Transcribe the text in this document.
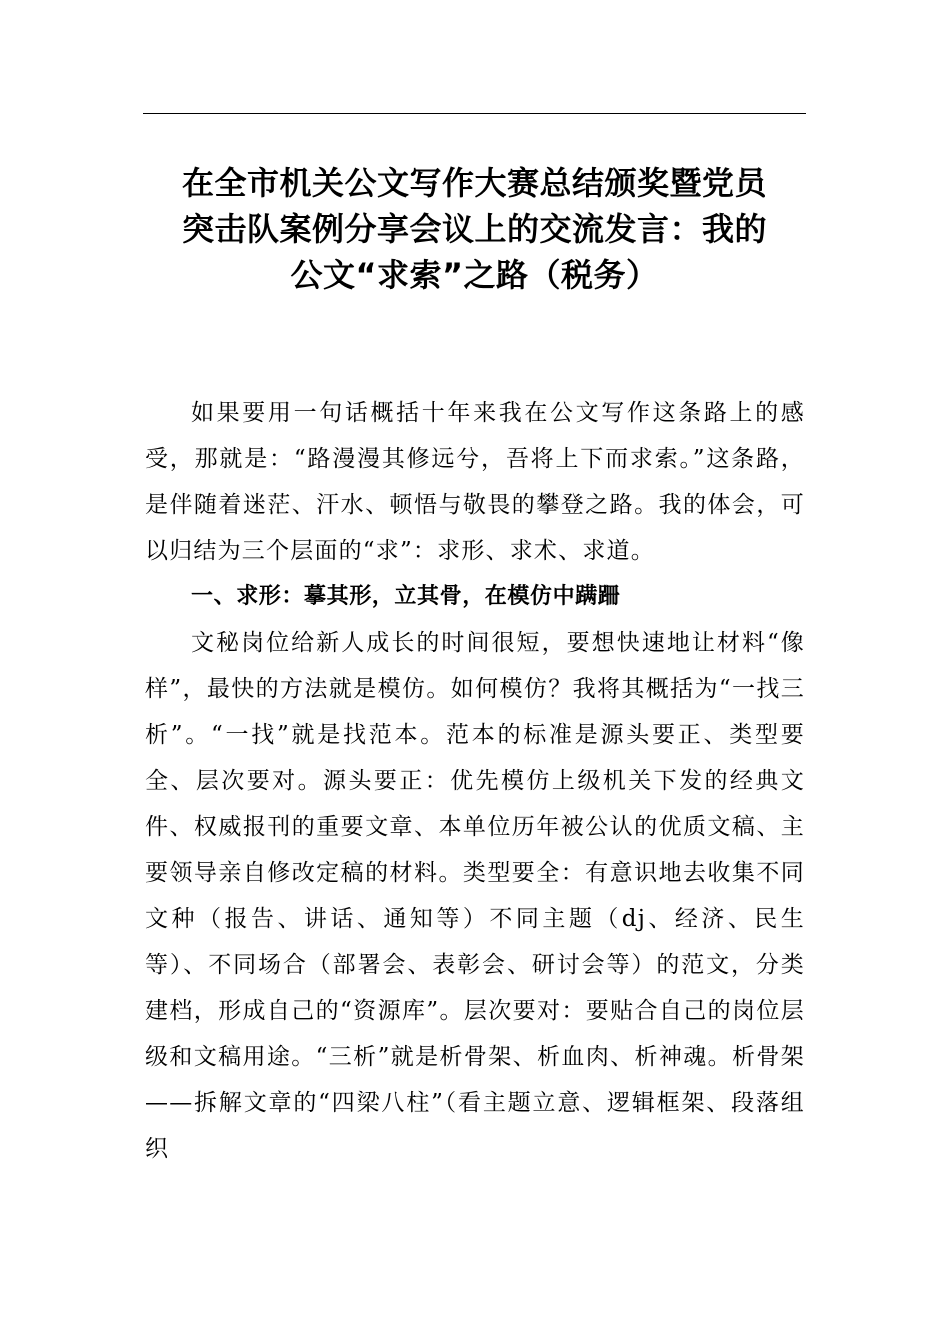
在全市机关公文写作大赛总结颁奖暨党员
突击队案例分享会议上的交流发言：我的
公文“求索”之路（税务）

如果要用一句话概括十年来我在公文写作这条路上的感受，那就是：“路漫漫其修远兮，吾将上下而求索。”这条路，是伴随着迷茫、汗水、顿悟与敬畏的攀登之路。我的体会，可以归结为三个层面的“求”：求形、求术、求道。

一、求形：摹其形，立其骨，在模仿中蹒跚

文秘岗位给新人成长的时间很短，要想快速地让材料“像样”，最快的方法就是模仿。如何模仿？我将其概括为“一找三析”。“一找”就是找范本。范本的标准是源头要正、类型要全、层次要对。源头要正：优先模仿上级机关下发的经典文件、权威报刊的重要文章、本单位历年被公认的优质文稿、主要领导亲自修改定稿的材料。类型要全：有意识地去收集不同文种（报告、讲话、通知等）不同主题（dj、经济、民生等）、不同场合（部署会、表彰会、研讨会等）的范文，分类建档，形成自己的“资源库”。层次要对：要贴合自己的岗位层级和文稿用途。“三析”就是析骨架、析血肉、析神魂。析骨架——拆解文章的“四梁八柱”（看主题立意、逻辑框架、段落组织
